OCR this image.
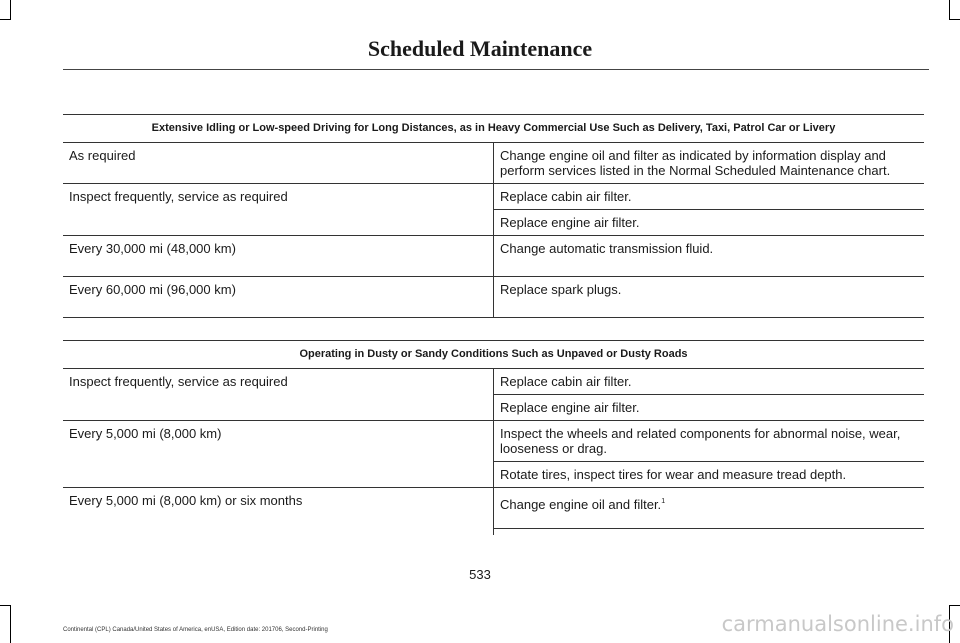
Scheduled Maintenance
Extensive Idling or Low-speed Driving for Long Distances, as in Heavy Commercial Use Such as Delivery, Taxi, Patrol Car or Livery	
As required	Change engine oil and filter as indicated by information display and perform services listed in the Normal Scheduled Maintenance chart.
Inspect frequently, service as required	Replace cabin air filter.
	Replace engine air filter.
Every 30,000 mi (48,000 km)	Change automatic transmission fluid.
Every 60,000 mi (96,000 km)	Replace spark plugs.
Operating in Dusty or Sandy Conditions Such as Unpaved or Dusty Roads	
Inspect frequently, service as required	Replace cabin air filter.
	Replace engine air filter.
Every 5,000 mi (8,000 km)	Inspect the wheels and related components for abnormal noise, wear, looseness or drag.
	Rotate tires, inspect tires for wear and measure tread depth.
Every 5,000 mi (8,000 km) or six months	Change engine oil and filter.$^1$

533
Continental (CPL) Canada/United States of America, enUSA, Edition date: 201706, Second-Printing	carmanualsonline.info
